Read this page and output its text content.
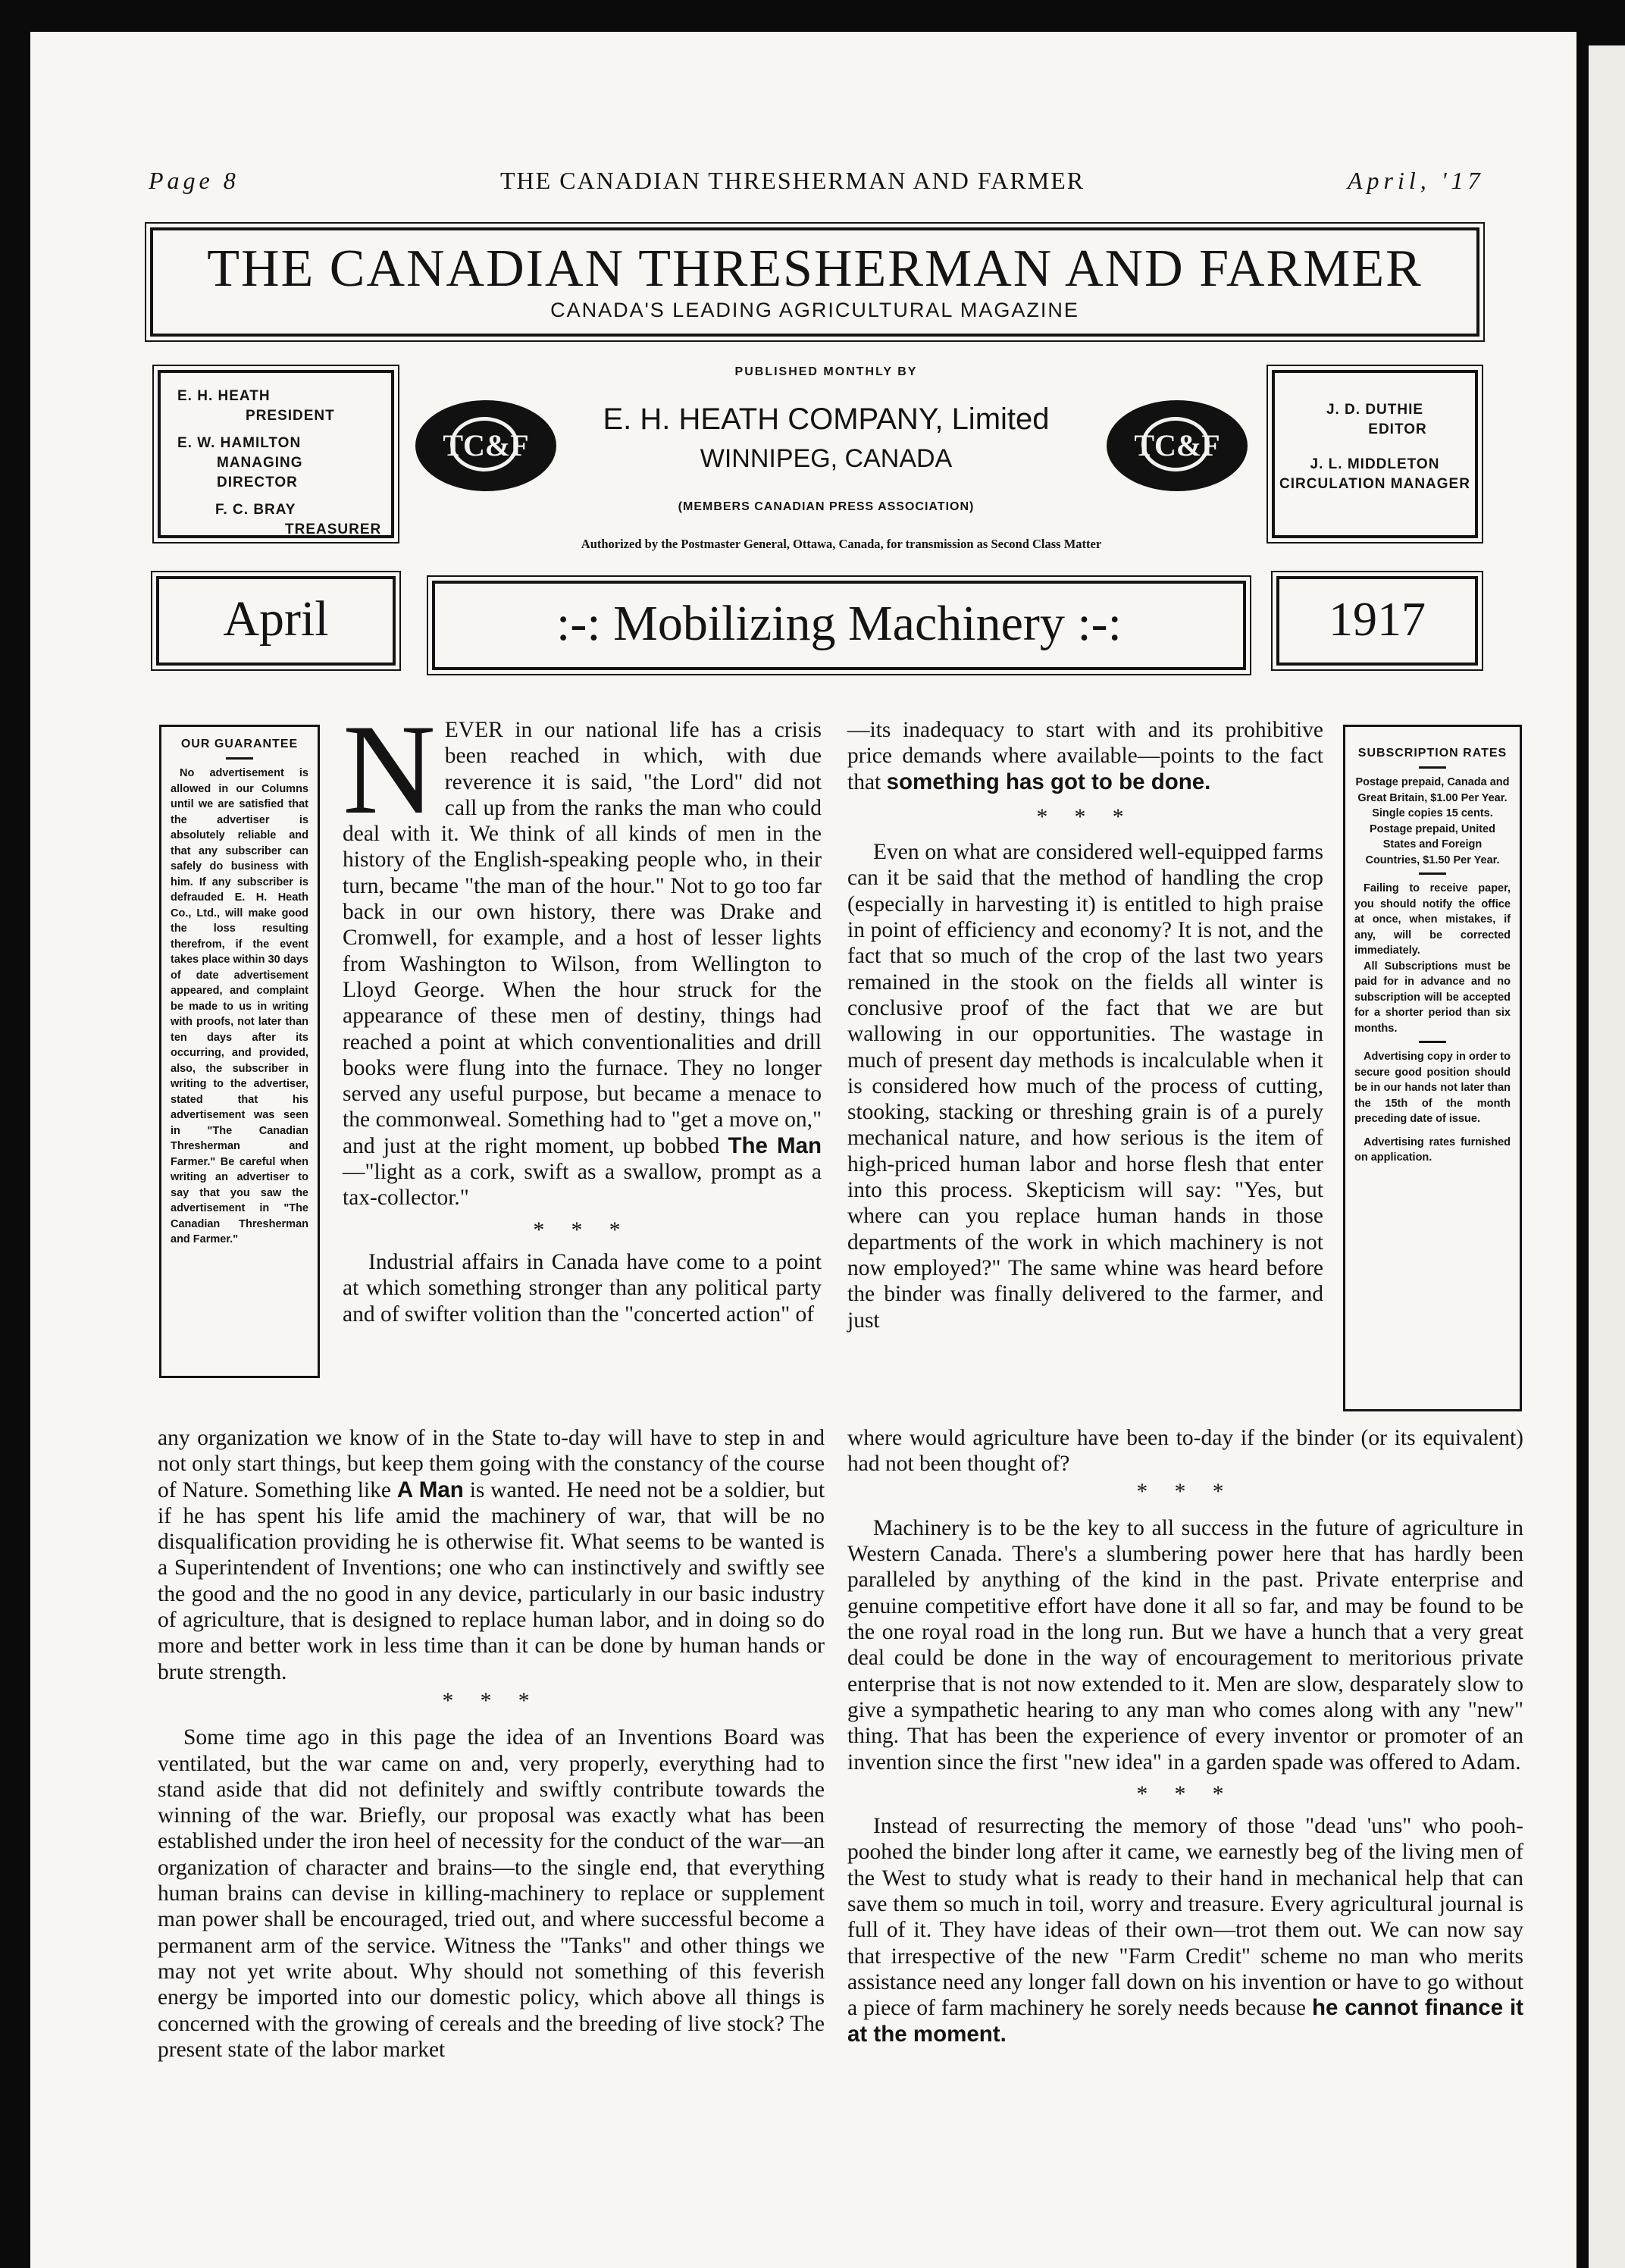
Page 8	THE CANADIAN THRESHERMAN AND FARMER	April, '17
THE CANADIAN THRESHERMAN AND FARMER
CANADA'S LEADING AGRICULTURAL MAGAZINE
E. H. HEATH
PRESIDENT
E. W. HAMILTON
MANAGING DIRECTOR
F. C. BRAY
TREASURER
TC&F	TC&F
PUBLISHED MONTHLY BY
E. H. HEATH COMPANY, Limited
WINNIPEG, CANADA
(MEMBERS CANADIAN PRESS ASSOCIATION)
Authorized by the Postmaster General, Ottawa, Canada, for transmission as Second Class Matter
J. D. DUTHIE
EDITOR
J. L. MIDDLETON
CIRCULATION MANAGER
April	:-: Mobilizing Machinery :-:	1917

OUR GUARANTEE

No advertisement is allowed in our Columns until we are satisfied that the advertiser is absolutely reliable and that any subscriber can safely do business with him. If any subscriber is defrauded E. H. Heath Co., Ltd., will make good the loss resulting therefrom, if the event takes place within 30 days of date advertisement appeared, and complaint be made to us in writing with proofs, not later than ten days after its occurring, and provided, also, the subscriber in writing to the advertiser, stated that his advertisement was seen in "The Canadian Thresherman and Farmer." Be careful when writing an advertiser to say that you saw the advertisement in "The Canadian Thresherman and Farmer."

SUBSCRIPTION RATES

Postage prepaid, Canada and Great Britain, $1.00 Per Year.

Single copies 15 cents.

Postage prepaid, United States and Foreign Countries, $1.50 Per Year.

Failing to receive paper, you should notify the office at once, when mistakes, if any, will be corrected immediately.

All Subscriptions must be paid for in advance and no subscription will be accepted for a shorter period than six months.

Advertising copy in order to secure good position should be in our hands not later than the 15th of the month preceding date of issue.

Advertising rates furnished on application.

N EVER in our national life has a crisis been reached in which, with due reverence it is said, "the Lord" did not call up from the ranks the man who could deal with it. We think of all kinds of men in the history of the English-speaking people who, in their turn, became "the man of the hour." Not to go too far back in our own history, there was Drake and Cromwell, for example, and a host of lesser lights from Washington to Wilson, from Wellington to Lloyd George. When the hour struck for the appearance of these men of destiny, things had reached a point at which conventionalities and drill books were flung into the furnace. They no longer served any useful purpose, but became a menace to the commonweal. Something had to "get a move on," and just at the right moment, up bobbed The Man—"light as a cork, swift as a swallow, prompt as a tax-collector."

* * *

Industrial affairs in Canada have come to a point at which something stronger than any political party and of swifter volition than the "concerted action" of

any organization we know of in the State to-day will have to step in and not only start things, but keep them going with the constancy of the course of Nature. Something like A Man is wanted. He need not be a soldier, but if he has spent his life amid the machinery of war, that will be no disqualification providing he is otherwise fit. What seems to be wanted is a Superintendent of Inventions; one who can instinctively and swiftly see the good and the no good in any device, particularly in our basic industry of agriculture, that is designed to replace human labor, and in doing so do more and better work in less time than it can be done by human hands or brute strength.

* * *

Some time ago in this page the idea of an Inventions Board was ventilated, but the war came on and, very properly, everything had to stand aside that did not definitely and swiftly contribute towards the winning of the war. Briefly, our proposal was exactly what has been established under the iron heel of necessity for the conduct of the war—an organization of character and brains—to the single end, that everything human brains can devise in killing-machinery to replace or supplement man power shall be encouraged, tried out, and where successful become a permanent arm of the service. Witness the "Tanks" and other things we may not yet write about. Why should not something of this feverish energy be imported into our domestic policy, which above all things is concerned with the growing of cereals and the breeding of live stock? The present state of the labor market

—its inadequacy to start with and its prohibitive price demands where available—points to the fact that something has got to be done.

* * *

Even on what are considered well-equipped farms can it be said that the method of handling the crop (especially in harvesting it) is entitled to high praise in point of efficiency and economy? It is not, and the fact that so much of the crop of the last two years remained in the stook on the fields all winter is conclusive proof of the fact that we are but wallowing in our opportunities. The wastage in much of present day methods is incalculable when it is considered how much of the process of cutting, stooking, stacking or threshing grain is of a purely mechanical nature, and how serious is the item of high-priced human labor and horse flesh that enter into this process. Skepticism will say: "Yes, but where can you replace human hands in those departments of the work in which machinery is not now employed?" The same whine was heard before the binder was finally delivered to the farmer, and just

where would agriculture have been to-day if the binder (or its equivalent) had not been thought of?

* * *

Machinery is to be the key to all success in the future of agriculture in Western Canada. There's a slumbering power here that has hardly been paralleled by anything of the kind in the past. Private enterprise and genuine competitive effort have done it all so far, and may be found to be the one royal road in the long run. But we have a hunch that a very great deal could be done in the way of encouragement to meritorious private enterprise that is not now extended to it. Men are slow, desparately slow to give a sympathetic hearing to any man who comes along with any "new" thing. That has been the experience of every inventor or promoter of an invention since the first "new idea" in a garden spade was offered to Adam.

* * *

Instead of resurrecting the memory of those "dead 'uns" who pooh-poohed the binder long after it came, we earnestly beg of the living men of the West to study what is ready to their hand in mechanical help that can save them so much in toil, worry and treasure. Every agricultural journal is full of it. They have ideas of their own—trot them out. We can now say that irrespective of the new "Farm Credit" scheme no man who merits assistance need any longer fall down on his invention or have to go without a piece of farm machinery he sorely needs because he cannot finance it at the moment.
